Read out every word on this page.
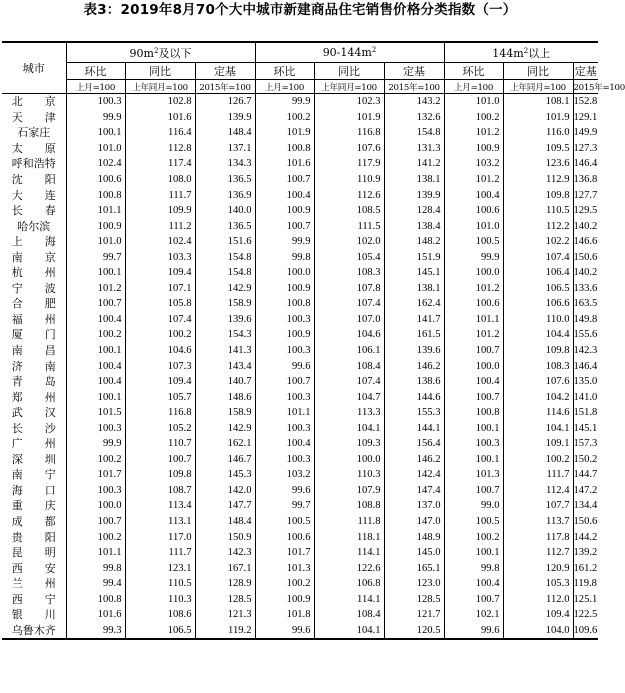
表3：2019年8月70个大中城市新建商品住宅销售价格分类指数（一）
城市	$90m^2$及以下			$90-144m^2$			$144m^2$以上		
	环比	同比	定基	环比	同比	定基	环比	同比	定基
	上月=100	上年同月=100	2015年=100	上月=100	上年同月=100	2015年=100	上月=100	上年同月=100	2015年=100
北　　京	100.3	102.8	126.7	99.9	102.3	143.2	101.0	108.1	152.8
天　　津	99.9	101.6	139.9	100.2	101.9	132.6	100.2	101.9	129.1
石家庄	100.1	116.4	148.4	101.9	116.8	154.8	101.2	116.0	149.9
太　　原	101.0	112.8	137.1	100.8	107.6	131.3	100.9	109.5	127.3
呼和浩特	102.4	117.4	134.3	101.6	117.9	141.2	103.2	123.6	146.4
沈　　阳	100.6	108.0	136.5	100.7	110.9	138.1	101.2	112.9	136.8
大　　连	100.8	111.7	136.9	100.4	112.6	139.9	100.4	109.8	127.7
长　　春	101.1	109.9	140.0	100.9	108.5	128.4	100.6	110.5	129.5
哈尔滨	100.9	111.2	136.5	100.7	111.5	138.4	101.0	112.2	140.2
上　　海	101.0	102.4	151.6	99.9	102.0	148.2	100.5	102.2	146.6
南　　京	99.7	103.3	154.8	99.8	105.4	151.9	99.9	107.4	150.6
杭　　州	100.1	109.4	154.8	100.0	108.3	145.1	100.0	106.4	140.2
宁　　波	101.2	107.1	142.9	100.9	107.8	138.1	101.2	106.5	133.6
合　　肥	100.7	105.8	158.9	100.8	107.4	162.4	100.6	106.6	163.5
福　　州	100.4	107.4	139.6	100.3	107.0	141.7	101.1	110.0	149.8
厦　　门	100.2	100.2	154.3	100.9	104.6	161.5	101.2	104.4	155.6
南　　昌	100.1	104.6	141.3	100.3	106.1	139.6	100.7	109.8	142.3
济　　南	100.4	107.3	143.4	99.6	108.4	146.2	100.0	108.3	146.4
青　　岛	100.4	109.4	140.7	100.7	107.4	138.6	100.4	107.6	135.0
郑　　州	100.1	105.7	148.6	100.3	104.7	144.6	100.7	104.2	141.0
武　　汉	101.5	116.8	158.9	101.1	113.3	155.3	100.8	114.6	151.8
长　　沙	100.3	105.2	142.9	100.3	104.1	144.1	100.1	104.1	145.1
广　　州	99.9	110.7	162.1	100.4	109.3	156.4	100.3	109.1	157.3
深　　圳	100.2	100.7	146.7	100.3	100.0	146.2	100.1	100.2	150.2
南　　宁	101.7	109.8	145.3	103.2	110.3	142.4	101.3	111.7	144.7
海　　口	100.3	108.7	142.0	99.6	107.9	147.4	100.7	112.4	147.2
重　　庆	100.0	113.4	147.7	99.7	108.8	137.0	99.0	107.7	134.4
成　　都	100.7	113.1	148.4	100.5	111.8	147.0	100.5	113.7	150.6
贵　　阳	100.2	117.0	150.9	100.6	118.1	148.9	100.2	117.8	144.2
昆　　明	101.1	111.7	142.3	101.7	114.1	145.0	100.1	112.7	139.2
西　　安	99.8	123.1	167.1	101.3	122.6	165.1	99.8	120.9	161.2
兰　　州	99.4	110.5	128.9	100.2	106.8	123.0	100.4	105.3	119.8
西　　宁	100.8	110.3	128.5	100.9	114.1	128.5	100.7	112.0	125.1
银　　川	101.6	108.6	121.3	101.8	108.4	121.7	102.1	109.4	122.5
乌鲁木齐	99.3	106.5	119.2	99.6	104.1	120.5	99.6	104.0	109.6
